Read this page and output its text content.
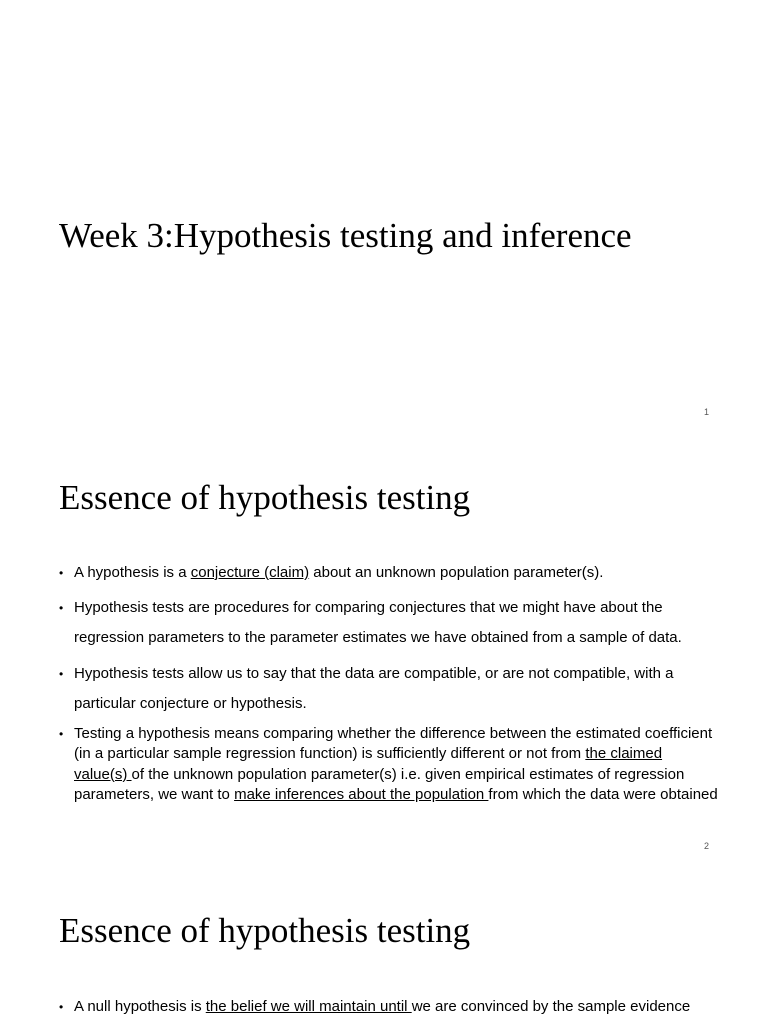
Week 3:Hypothesis testing and inference
1
Essence of hypothesis testing
• A hypothesis is a conjecture (claim) about an unknown population parameter(s).
• Hypothesis tests are procedures for comparing conjectures that we might have about the regression parameters to the parameter estimates we have obtained from a sample of data.
• Hypothesis tests allow us to say that the data are compatible, or are not compatible, with a particular conjecture or hypothesis.
• Testing a hypothesis means comparing whether the difference between the estimated coefficient (in a particular sample regression function) is sufficiently different or not from the claimed value(s) of the unknown population parameter(s) i.e. given empirical estimates of regression parameters, we want to make inferences about the population from which the data were obtained
2
Essence of hypothesis testing
• A null hypothesis is the belief we will maintain until we are convinced by the sample evidence
